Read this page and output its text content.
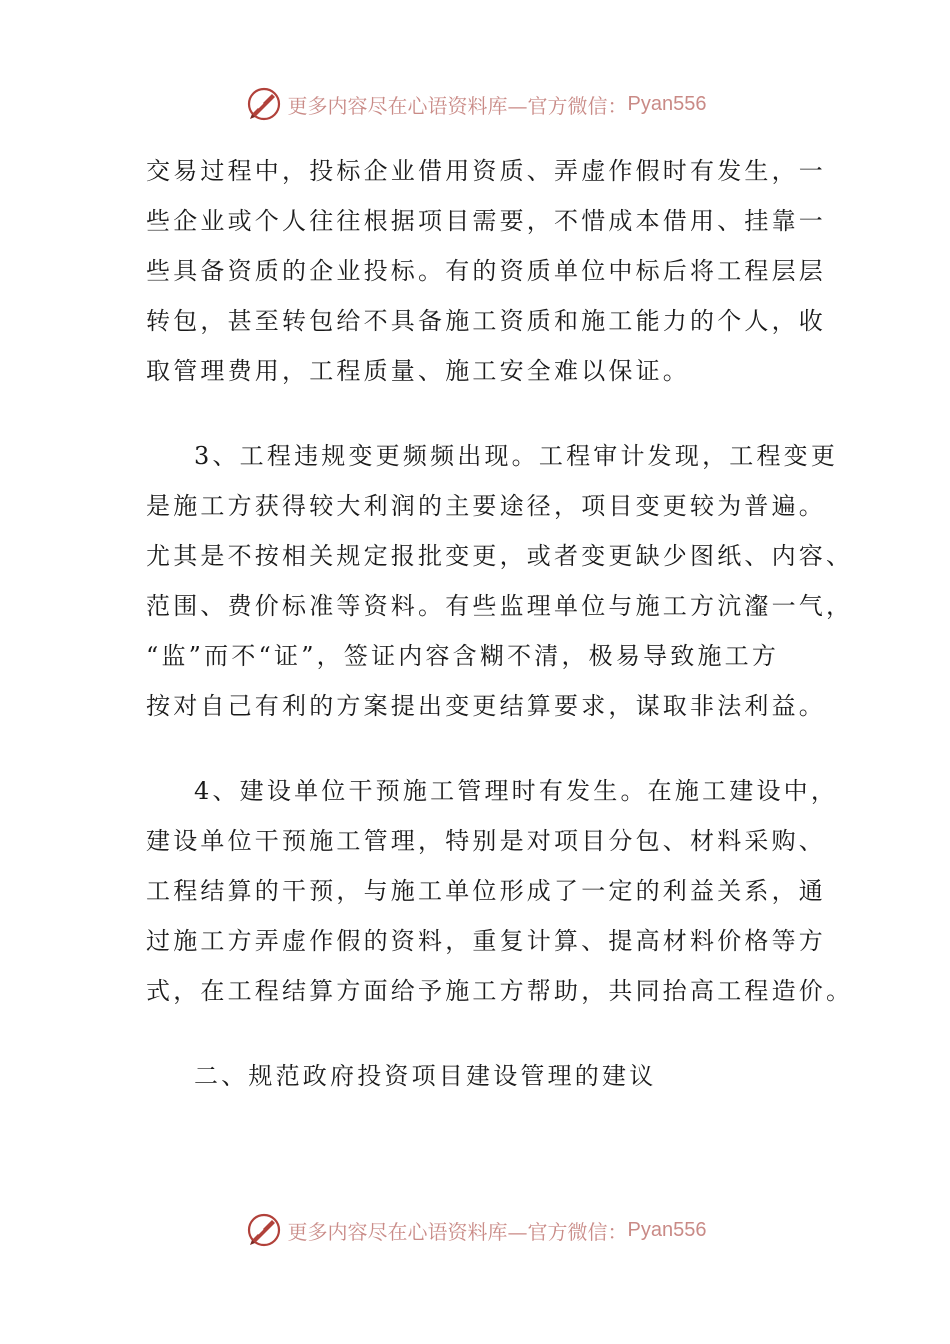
更多内容尽在心语资料库—官方微信： Pyan556
交易过程中，投标企业借用资质、弄虚作假时有发生，一
些企业或个人往往根据项目需要，不惜成本借用、挂靠一
些具备资质的企业投标。有的资质单位中标后将工程层层
转包，甚至转包给不具备施工资质和施工能力的个人，收
取管理费用，工程质量、施工安全难以保证。
3、工程违规变更频频出现。工程审计发现，工程变更
是施工方获得较大利润的主要途径，项目变更较为普遍。
尤其是不按相关规定报批变更，或者变更缺少图纸、内容、
范围、费价标准等资料。有些监理单位与施工方沆瀣一气，
“监”而不“证”，签证内容含糊不清，极易导致施工方
按对自己有利的方案提出变更结算要求，谋取非法利益。
4、建设单位干预施工管理时有发生。在施工建设中，
建设单位干预施工管理，特别是对项目分包、材料采购、
工程结算的干预，与施工单位形成了一定的利益关系，通
过施工方弄虚作假的资料，重复计算、提高材料价格等方
式，在工程结算方面给予施工方帮助，共同抬高工程造价。
二、规范政府投资项目建设管理的建议
更多内容尽在心语资料库—官方微信： Pyan556
